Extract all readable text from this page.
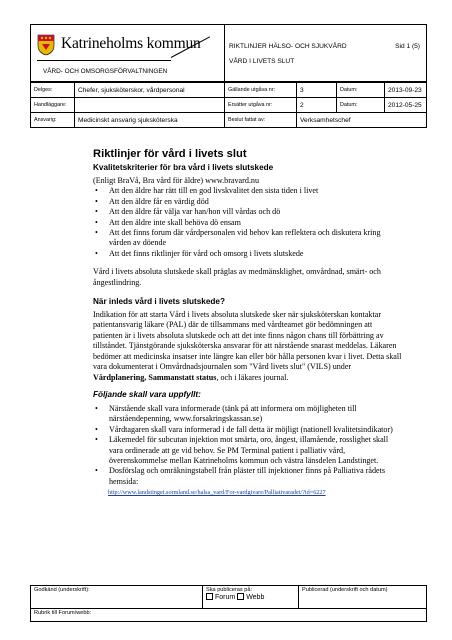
Katrineholms kommun
VÅRD- OCH OMSORGSFÖRVALTNINGEN

RIKTLINJER HÄLSO- OCH SJUKVÅRD	Sid 1 (5)
VÅRD I LIVETS SLUT
Delges:	Chefer, sjuksköterskor, vårdpersonal	Gällande utgåva nr:	3	Datum:	2013-09-23
Handläggare:		Ersätter utgåva nr:	2	Datum:	2012-05-25
Ansvarig:	Medicinskt ansvarig sjuksköterska	Beslut fattat av:	Verksamhetschef		
Riktlinjer för vård i livets slut
Kvalitetskriterier för bra vård i livets slutskede

(Enligt BraVå, Bra vård för äldre) www.bravard.nu

• Att den äldre har rätt till en god livskvalitet den sista tiden i livet
• Att den äldre får en värdig död
• Att den äldre får välja var han/hon vill vårdas och dö
• Att den äldre inte skall behöva dö ensam
• Att det finns forum där vårdpersonalen vid behov kan reflektera och diskutera kring vården av döende
• Att det finns riktlinjer för vård och omsorg i livets slutskede

Vård i livets absoluta slutskede skall präglas av medmänsklighet, omvårdnad, smärt- och ångestlindring.

När inleds vård i livets slutskede?

Indikation för att starta Vård i livets absoluta slutskede sker när sjuksköterskan kontaktar patientansvarig läkare (PAL) där de tillsammans med vårdteamet gör bedömningen att patienten är i livets absoluta slutskede och att det inte finns någon chans till förbättring av tillståndet. Tjänstgörande sjuksköterska ansvarar för att närstående snarast meddelas. Läkaren bedömer att medicinska insatser inte längre kan eller bör hålla personen kvar i livet. Detta skall vara dokumenterat i Omvårdnadsjournalen som "Vård livets slut" (VILS) under Vårdplanering, Sammanstatt status, och i läkares journal.

Följande skall vara uppfyllt:
• Närstående skall vara informerade (tänk på att informera om möjligheten till närståendepenning, www.forsakringskassan.se)
• Vårdtagaren skall vara informerad i de fall detta är möjligt (nationell kvalitetsindikator)
• Läkemedel för subcutan injektion mot smärta, oro, ångest, illamående, rosslighet skall vara ordinerade att ge vid behov. Se PM Terminal patient i palliativ vård, överenskommelse mellan Katrineholms kommun och västra länsdelen Landstinget.
• Dosförslag och omräkningstabell från pläster till injektioner finns på Palliativa rådets hemsida:
http://www.landstinget.sormland.se/halsa_vard/For-vardgivare/Palliativaradet/?id=6227
Godkänd (underskrift):	Ska publiceras på:
Forum Webb
	Publicerad (underskrift och datum)
Rubrik till Forum/webb:
